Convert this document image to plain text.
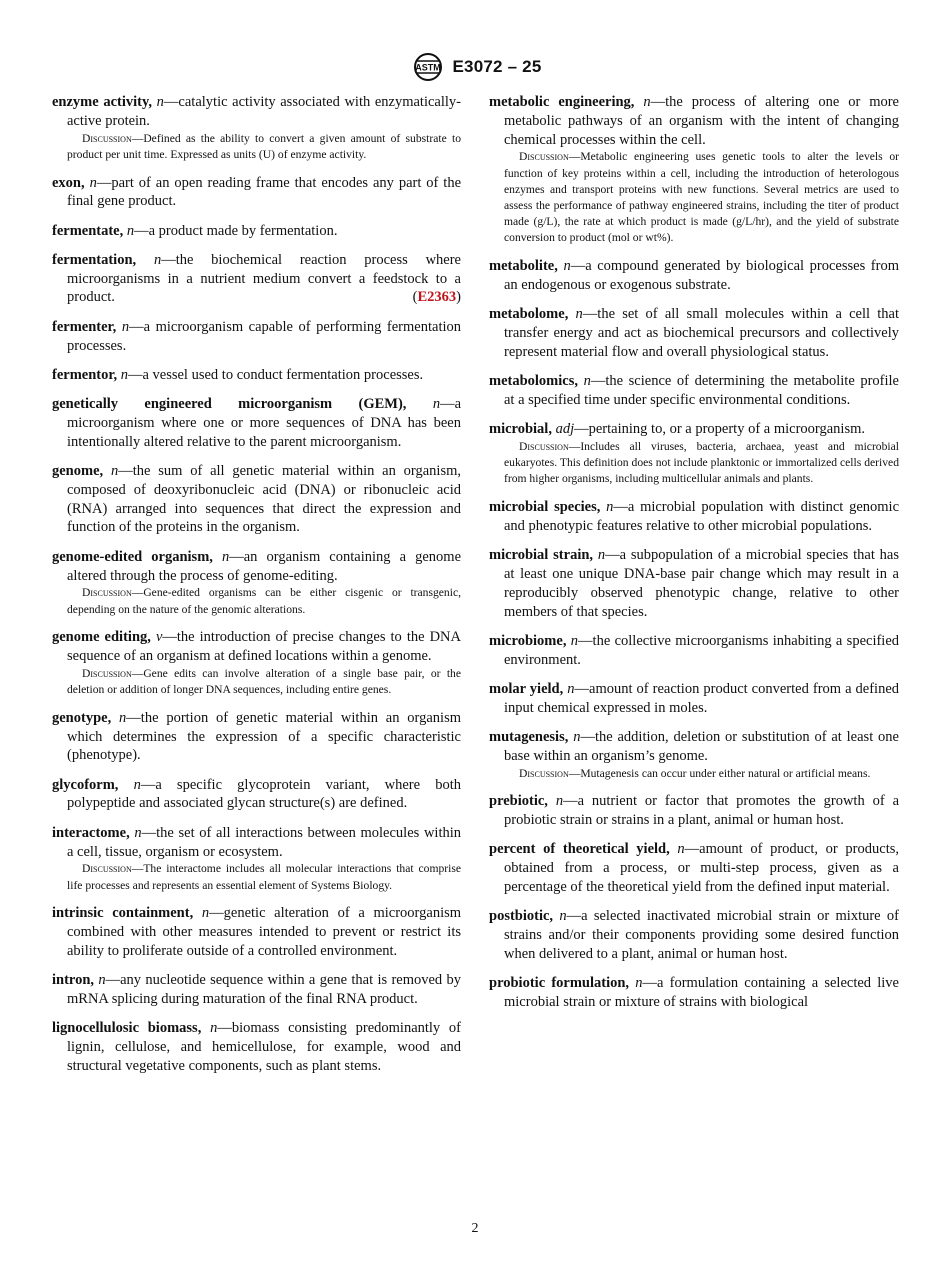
ASTM E3072 – 25

enzyme activity, n—catalytic activity associated with enzymatically-active protein.

Discussion—Defined as the ability to convert a given amount of substrate to product per unit time. Expressed as units (U) of enzyme activity.

exon, n—part of an open reading frame that encodes any part of the final gene product.

fermentate, n—a product made by fermentation.

fermentation, n—the biochemical reaction process where microorganisms in a nutrient medium convert a feedstock to a product.	(E2363)

fermenter, n—a microorganism capable of performing fermentation processes.

fermentor, n—a vessel used to conduct fermentation processes.

genetically engineered microorganism (GEM), n—a microorganism where one or more sequences of DNA has been intentionally altered relative to the parent microorganism.

genome, n—the sum of all genetic material within an organism, composed of deoxyribonucleic acid (DNA) or ribonucleic acid (RNA) arranged into sequences that direct the expression and function of the proteins in the organism.

genome-edited organism, n—an organism containing a genome altered through the process of genome-editing.

Discussion—Gene-edited organisms can be either cisgenic or transgenic, depending on the nature of the genomic alterations.

genome editing, v—the introduction of precise changes to the DNA sequence of an organism at defined locations within a genome.

Discussion—Gene edits can involve alteration of a single base pair, or the deletion or addition of longer DNA sequences, including entire genes.

genotype, n—the portion of genetic material within an organism which determines the expression of a specific characteristic (phenotype).

glycoform, n—a specific glycoprotein variant, where both polypeptide and associated glycan structure(s) are defined.

interactome, n—the set of all interactions between molecules within a cell, tissue, organism or ecosystem.

Discussion—The interactome includes all molecular interactions that comprise life processes and represents an essential element of Systems Biology.

intrinsic containment, n—genetic alteration of a microorganism combined with other measures intended to prevent or restrict its ability to proliferate outside of a controlled environment.

intron, n—any nucleotide sequence within a gene that is removed by mRNA splicing during maturation of the final RNA product.

lignocellulosic biomass, n—biomass consisting predominantly of lignin, cellulose, and hemicellulose, for example, wood and structural vegetative components, such as plant stems.

metabolic engineering, n—the process of altering one or more metabolic pathways of an organism with the intent of changing chemical processes within the cell.

Discussion—Metabolic engineering uses genetic tools to alter the levels or function of key proteins within a cell, including the introduction of heterologous enzymes and transport proteins with new functions. Several metrics are used to assess the performance of pathway engineered strains, including the titer of product made (g/L), the rate at which product is made (g/L/hr), and the yield of substrate conversion to product (mol or wt%).

metabolite, n—a compound generated by biological processes from an endogenous or exogenous substrate.

metabolome, n—the set of all small molecules within a cell that transfer energy and act as biochemical precursors and collectively represent material flow and overall physiological status.

metabolomics, n—the science of determining the metabolite profile at a specified time under specific environmental conditions.

microbial, adj—pertaining to, or a property of a microorganism.

Discussion—Includes all viruses, bacteria, archaea, yeast and microbial eukaryotes. This definition does not include planktonic or immortalized cells derived from higher organisms, including multicellular animals and plants.

microbial species, n—a microbial population with distinct genomic and phenotypic features relative to other microbial populations.

microbial strain, n—a subpopulation of a microbial species that has at least one unique DNA-base pair change which may result in a reproducibly observed phenotypic change, relative to other members of that species.

microbiome, n—the collective microorganisms inhabiting a specified environment.

molar yield, n—amount of reaction product converted from a defined input chemical expressed in moles.

mutagenesis, n—the addition, deletion or substitution of at least one base within an organism’s genome.

Discussion—Mutagenesis can occur under either natural or artificial means.

prebiotic, n—a nutrient or factor that promotes the growth of a probiotic strain or strains in a plant, animal or human host.

percent of theoretical yield, n—amount of product, or products, obtained from a process, or multi-step process, given as a percentage of the theoretical yield from the defined input material.

postbiotic, n—a selected inactivated microbial strain or mixture of strains and/or their components providing some desired function when delivered to a plant, animal or human host.

probiotic formulation, n—a formulation containing a selected live microbial strain or mixture of strains with biological

2
